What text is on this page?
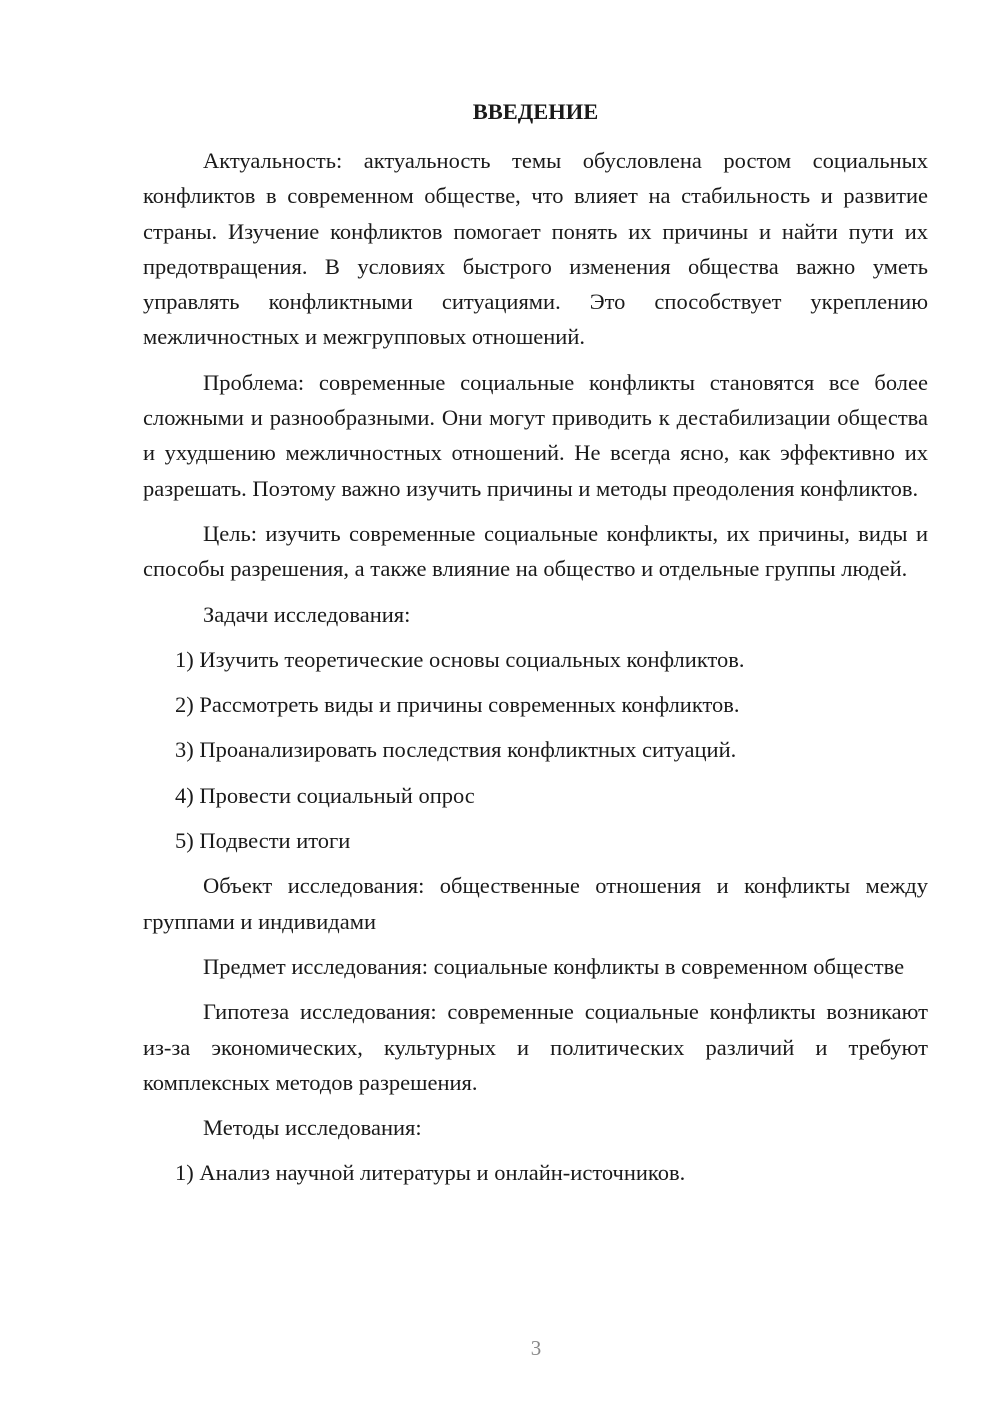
ВВЕДЕНИЕ

Актуальность: актуальность темы обусловлена ростом социальных конфликтов в современном обществе, что влияет на стабильность и развитие страны. Изучение конфликтов помогает понять их причины и найти пути их предотвращения. В условиях быстрого изменения общества важно уметь управлять конфликтными ситуациями. Это способствует укреплению межличностных и межгрупповых отношений.

Проблема: современные социальные конфликты становятся все более сложными и разнообразными. Они могут приводить к дестабилизации общества и ухудшению межличностных отношений. Не всегда ясно, как эффективно их разрешать. Поэтому важно изучить причины и методы преодоления конфликтов.

Цель: изучить современные социальные конфликты, их причины, виды и способы разрешения, а также влияние на общество и отдельные группы людей.

Задачи исследования:

1) Изучить теоретические основы социальных конфликтов.
2) Рассмотреть виды и причины современных конфликтов.
3) Проанализировать последствия конфликтных ситуаций.
4) Провести социальный опрос
5) Подвести итоги

Объект исследования: общественные отношения и конфликты между группами и индивидами

Предмет исследования: социальные конфликты в современном обществе

Гипотеза исследования: современные социальные конфликты возникают из-за экономических, культурных и политических различий и требуют комплексных методов разрешения.

Методы исследования:

1) Анализ научной литературы и онлайн-источников.
3
